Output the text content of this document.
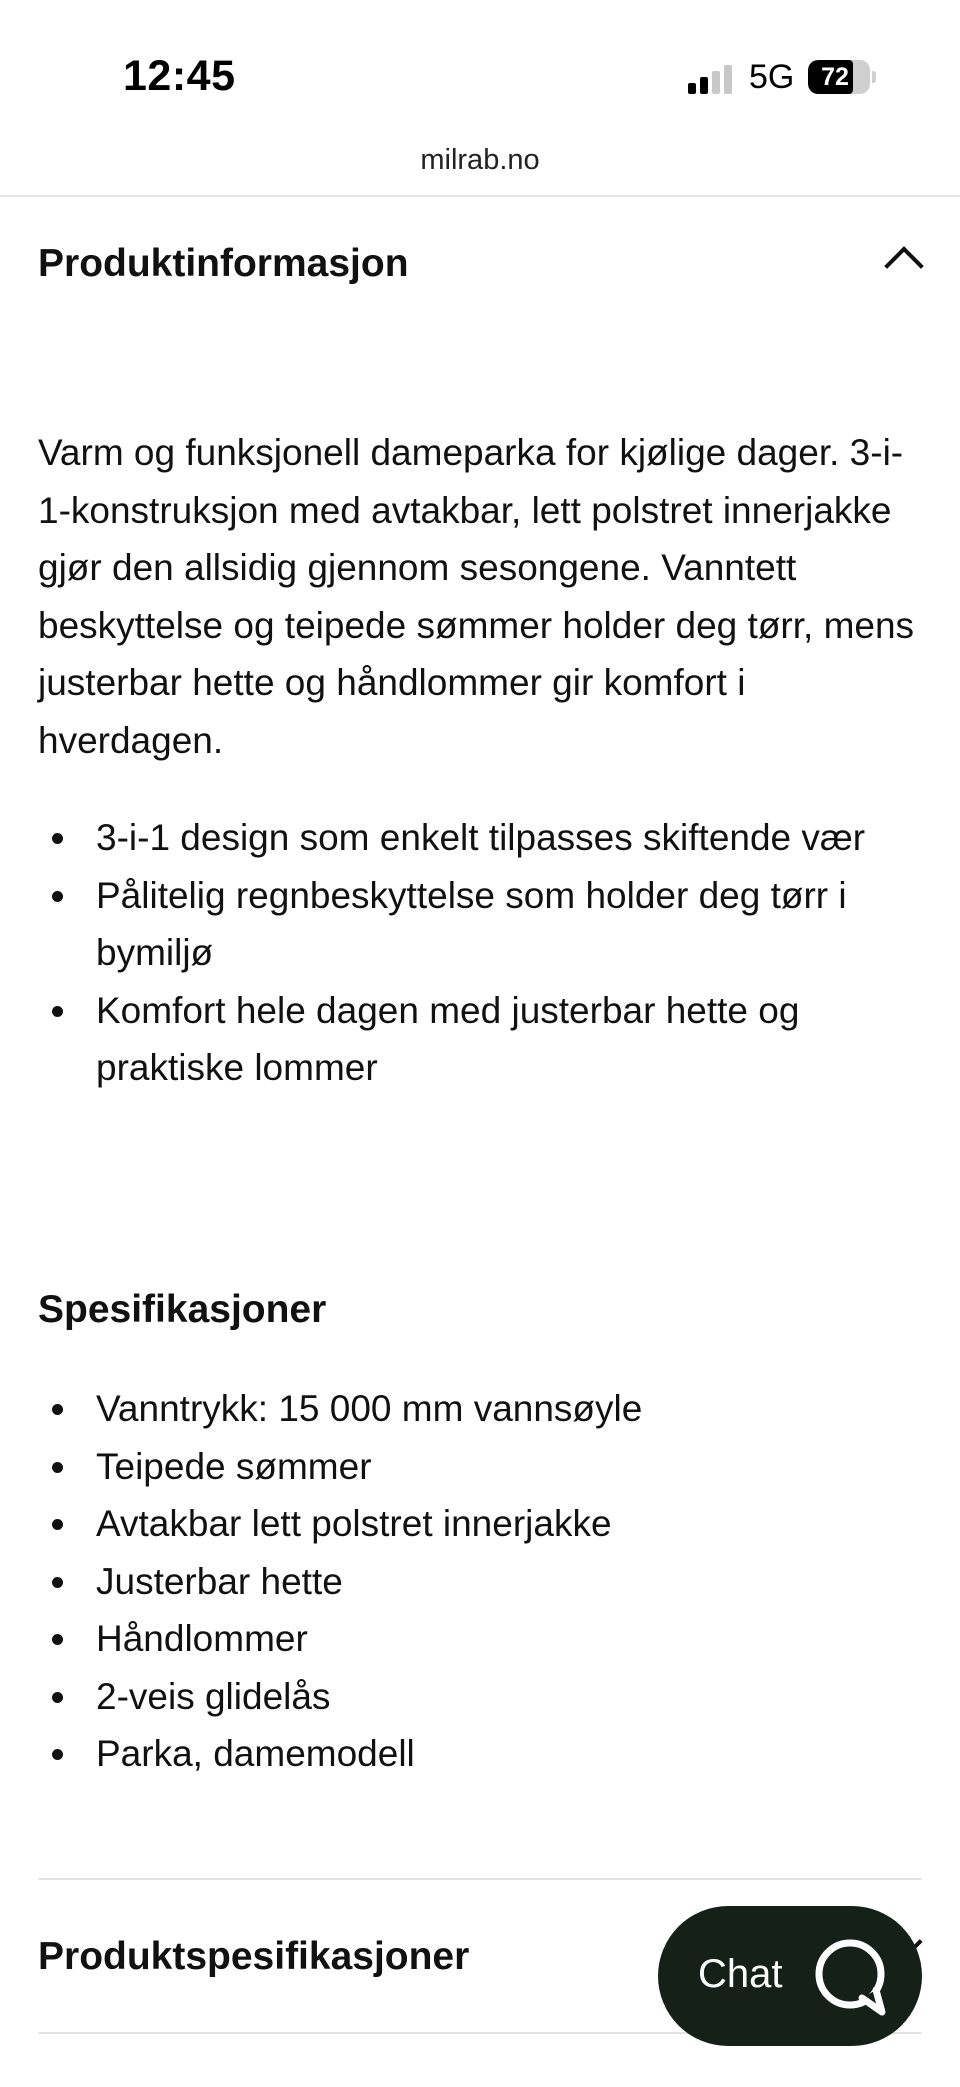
12:45	5G	72
milrab.no
Produktinformasjon

Varm og funksjonell dameparka for kjølige dager. 3-i-1-konstruksjon med avtakbar, lett polstret innerjakke gjør den allsidig gjennom sesongene. Vanntett beskyttelse og teipede sømmer holder deg tørr, mens justerbar hette og håndlommer gir komfort i hverdagen.

3-i-1 design som enkelt tilpasses skiftende vær
Pålitelig regnbeskyttelse som holder deg tørr i bymiljø
Komfort hele dagen med justerbar hette og praktiske lommer
Spesifikasjoner
Vanntrykk: 15 000 mm vannsøyle
Teipede sømmer
Avtakbar lett polstret innerjakke
Justerbar hette
Håndlommer
2-veis glidelås
Parka, damemodell
Produktspesifikasjoner	Chat
